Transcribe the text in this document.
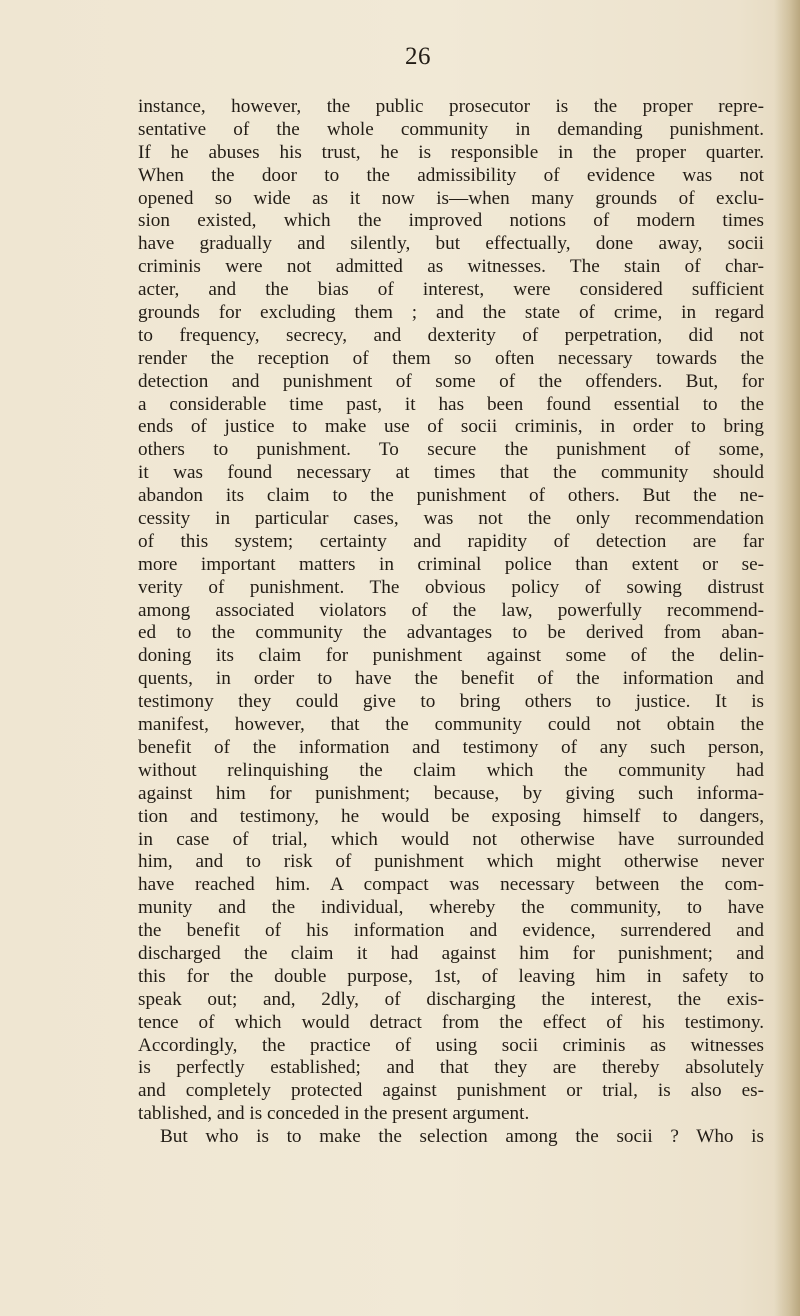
26
instance, however, the public prosecutor is the proper repre-
sentative of the whole community in demanding punishment.
If he abuses his trust, he is responsible in the proper quarter.
When the door to the admissibility of evidence was not
opened so wide as it now is—when many grounds of exclu-
sion existed, which the improved notions of modern times
have gradually and silently, but effectually, done away, socii
criminis were not admitted as witnesses. The stain of char-
acter, and the bias of interest, were considered sufficient
grounds for excluding them ; and the state of crime, in regard
to frequency, secrecy, and dexterity of perpetration, did not
render the reception of them so often necessary towards the
detection and punishment of some of the offenders. But, for
a considerable time past, it has been found essential to the
ends of justice to make use of socii criminis, in order to bring
others to punishment. To secure the punishment of some,
it was found necessary at times that the community should
abandon its claim to the punishment of others. But the ne-
cessity in particular cases, was not the only recommendation
of this system; certainty and rapidity of detection are far
more important matters in criminal police than extent or se-
verity of punishment. The obvious policy of sowing distrust
among associated violators of the law, powerfully recommend-
ed to the community the advantages to be derived from aban-
doning its claim for punishment against some of the delin-
quents, in order to have the benefit of the information and
testimony they could give to bring others to justice. It is
manifest, however, that the community could not obtain the
benefit of the information and testimony of any such person,
without relinquishing the claim which the community had
against him for punishment; because, by giving such informa-
tion and testimony, he would be exposing himself to dangers,
in case of trial, which would not otherwise have surrounded
him, and to risk of punishment which might otherwise never
have reached him. A compact was necessary between the com-
munity and the individual, whereby the community, to have
the benefit of his information and evidence, surrendered and
discharged the claim it had against him for punishment; and
this for the double purpose, 1st, of leaving him in safety to
speak out; and, 2dly, of discharging the interest, the exis-
tence of which would detract from the effect of his testimony.
Accordingly, the practice of using socii criminis as witnesses
is perfectly established; and that they are thereby absolutely
and completely protected against punishment or trial, is also es-
tablished, and is conceded in the present argument.
But who is to make the selection among the socii ? Who is
